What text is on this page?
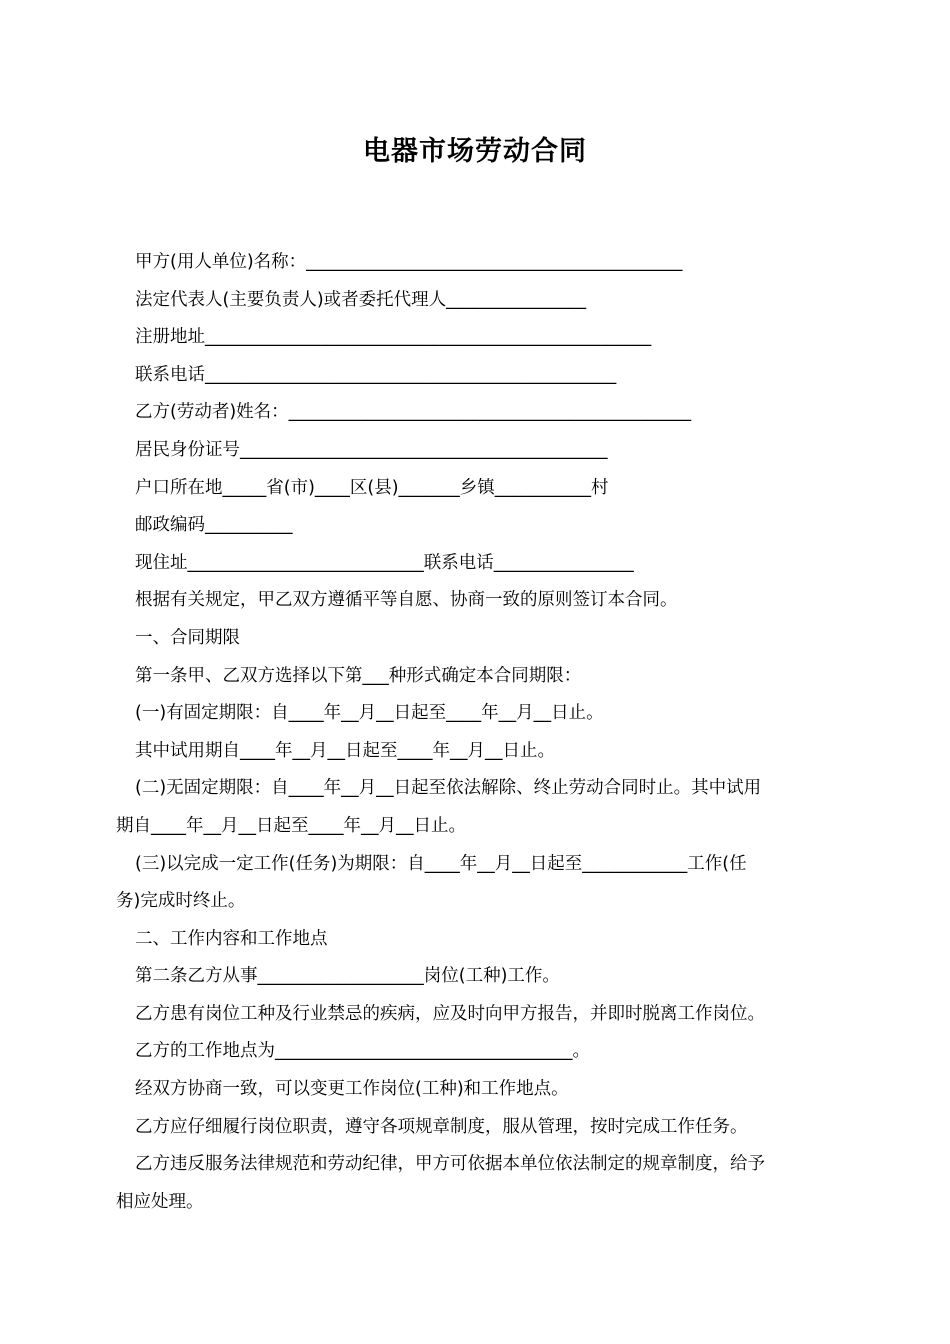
电器市场劳动合同
甲方(用人单位)名称：___________________________________________
法定代表人(主要负责人)或者委托代理人________________
注册地址___________________________________________________
联系电话_______________________________________________
乙方(劳动者)姓名：______________________________________________
居民身份证号__________________________________________
户口所在地_____省(市)____区(县)_______乡镇___________村
邮政编码__________
现住址___________________________联系电话________________
根据有关规定，甲乙双方遵循平等自愿、协商一致的原则签订本合同。
一、合同期限
第一条甲、乙双方选择以下第___种形式确定本合同期限：
(一)有固定期限：自____年__月__日起至____年__月__日止。
其中试用期自____年__月__日起至____年__月__日止。
(二)无固定期限：自____年__月__日起至依法解除、终止劳动合同时止。其中试用
期自____年__月__日起至____年__月__日止。
(三)以完成一定工作(任务)为期限：自____年__月__日起至____________工作(任
务)完成时终止。
二、工作内容和工作地点
第二条乙方从事___________________岗位(工种)工作。
乙方患有岗位工种及行业禁忌的疾病，应及时向甲方报告，并即时脱离工作岗位。
乙方的工作地点为__________________________________。
经双方协商一致，可以变更工作岗位(工种)和工作地点。
乙方应仔细履行岗位职责，遵守各项规章制度，服从管理，按时完成工作任务。
乙方违反服务法律规范和劳动纪律，甲方可依据本单位依法制定的规章制度，给予
相应处理。
